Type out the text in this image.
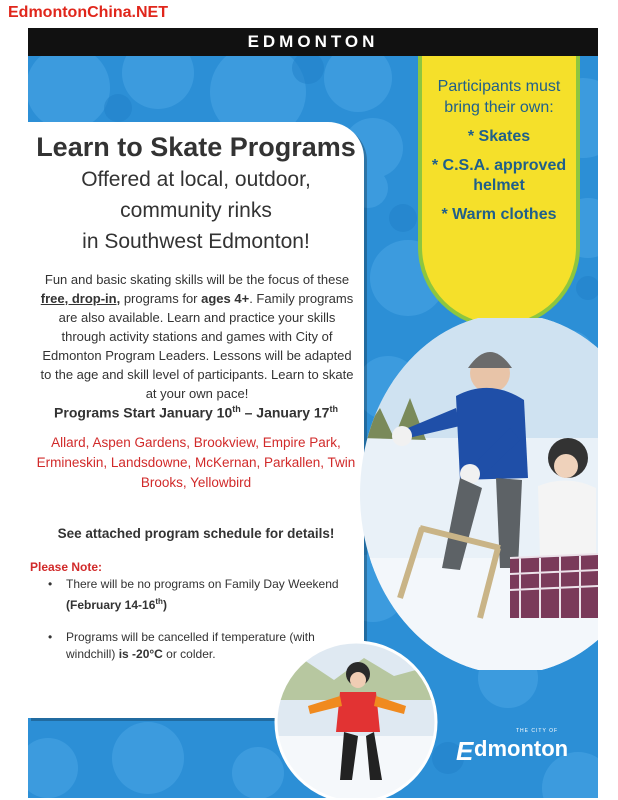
EdmontonChina.NET
EDMONTON
Participants must bring their own:
* Skates
* C.S.A. approved helmet
* Warm clothes
Learn to Skate Programs
Offered at local, outdoor,
community rinks
in Southwest Edmonton!
Fun and basic skating skills will be the focus of these free, drop-in, programs for ages 4+. Family programs are also available. Learn and practice your skills through activity stations and games with City of Edmonton Program Leaders. Lessons will be adapted to the age and skill level of participants. Learn to skate at your own pace!
Programs Start January 10th – January 17th
Allard, Aspen Gardens, Brookview, Empire Park, Ermineskin, Landsdowne, McKernan, Parkallen, Twin Brooks, Yellowbird
See attached program schedule for details!
Please Note:
• There will be no programs on Family Day Weekend (February 14-16th)
• Programs will be cancelled if temperature (with windchill) is -20°C or colder.
THE CITY OF
E dmonton
